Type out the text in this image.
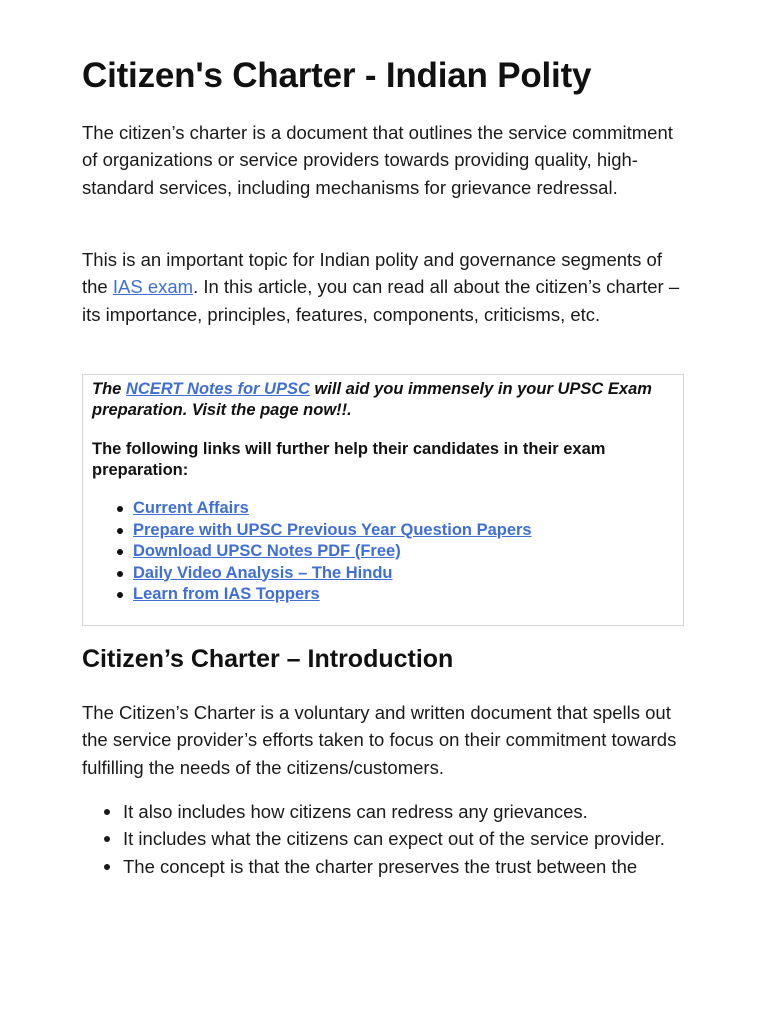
Citizen's Charter - Indian Polity

The citizen’s charter is a document that outlines the service commitment of organizations or service providers towards providing quality, high-standard services, including mechanisms for grievance redressal.

This is an important topic for Indian polity and governance segments of the IAS exam. In this article, you can read all about the citizen’s charter – its importance, principles, features, components, criticisms, etc.

The NCERT Notes for UPSC will aid you immensely in your UPSC Exam preparation. Visit the page now!!.

The following links will further help their candidates in their exam preparation:

Current Affairs
Prepare with UPSC Previous Year Question Papers
Download UPSC Notes PDF (Free)
Daily Video Analysis – The Hindu
Learn from IAS Toppers
Citizen’s Charter – Introduction

The Citizen’s Charter is a voluntary and written document that spells out the service provider’s efforts taken to focus on their commitment towards fulfilling the needs of the citizens/customers.

It also includes how citizens can redress any grievances.
It includes what the citizens can expect out of the service provider.
The concept is that the charter preserves the trust between the
